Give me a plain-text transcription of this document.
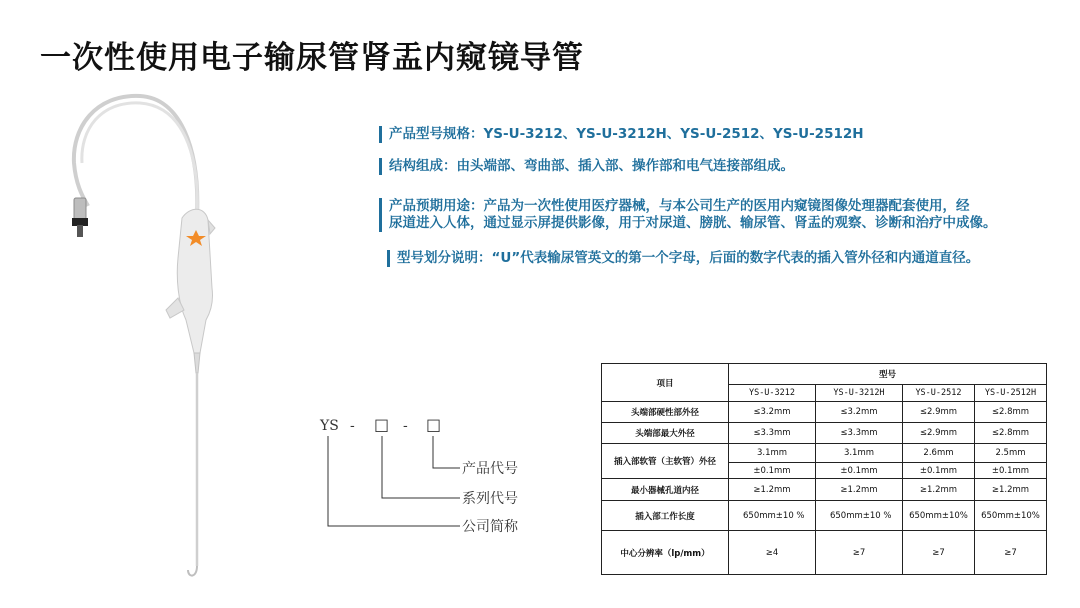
一次性使用电子输尿管肾盂内窥镜导管
产品型号规格：YS-U-3212、YS-U-3212H、YS-U-2512、YS-U-2512H
结构组成：由头端部、弯曲部、插入部、操作部和电气连接部组成。
产品预期用途：产品为一次性使用医疗器械，与本公司生产的医用内窥镜图像处理器配套使用，经
尿道进入人体，通过显示屏提供影像，用于对尿道、膀胱、输尿管、肾盂的观察、诊断和治疗中成像。
型号划分说明：“U”代表输尿管英文的第一个字母，后面的数字代表的插入管外径和内通道直径。
YS - □ - □
产品代号
系列代号
公司简称
项目	型号			
	YS-U-3212	YS-U-3212H	YS-U-2512	YS-U-2512H
头端部硬性部外径	≤3.2mm	≤3.2mm	≤2.9mm	≤2.8mm
头端部最大外径	≤3.3mm	≤3.3mm	≤2.9mm	≤2.8mm
插入部软管（主软管）外径	3.1mm	3.1mm	2.6mm	2.5mm
	±0.1mm	±0.1mm	±0.1mm	±0.1mm
最小器械孔道内径	≥1.2mm	≥1.2mm	≥1.2mm	≥1.2mm
插入部工作长度	650mm±10 %	650mm±10 %	650mm±10%	650mm±10%
中心分辨率（lp/mm）	≥4	≥7	≥7	≥7
